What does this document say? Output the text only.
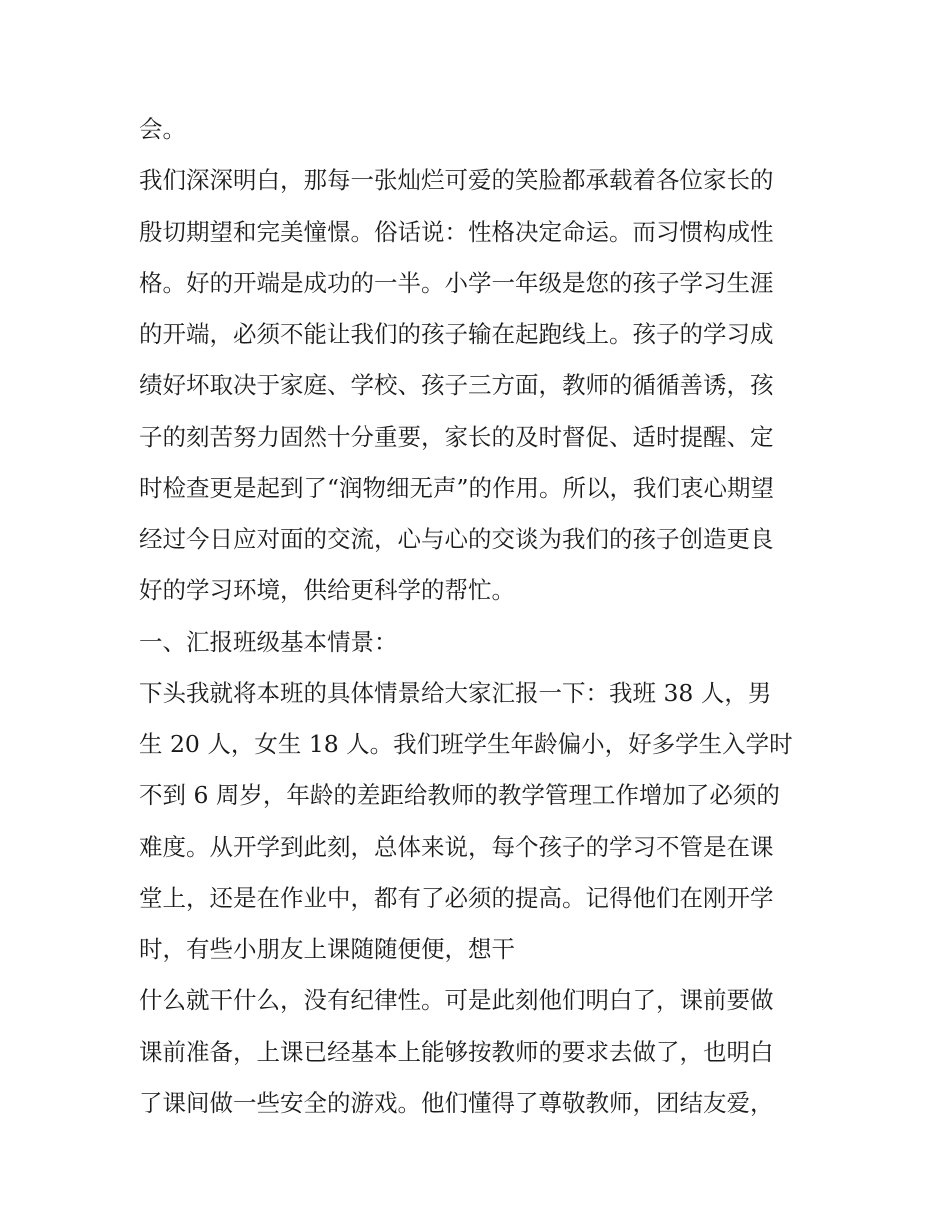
会。
我们深深明白，那每一张灿烂可爱的笑脸都承载着各位家长的
殷切期望和完美憧憬。俗话说：性格决定命运。而习惯构成性
格。好的开端是成功的一半。小学一年级是您的孩子学习生涯
的开端，必须不能让我们的孩子输在起跑线上。孩子的学习成
绩好坏取决于家庭、学校、孩子三方面，教师的循循善诱，孩
子的刻苦努力固然十分重要，家长的及时督促、适时提醒、定
时检查更是起到了“润物细无声”的作用。所以，我们衷心期望
经过今日应对面的交流，心与心的交谈为我们的孩子创造更良
好的学习环境，供给更科学的帮忙。
一、汇报班级基本情景：
下头我就将本班的具体情景给大家汇报一下：我班 38 人，男
生 20 人，女生 18 人。我们班学生年龄偏小，好多学生入学时
不到 6 周岁，年龄的差距给教师的教学管理工作增加了必须的
难度。从开学到此刻，总体来说，每个孩子的学习不管是在课
堂上，还是在作业中，都有了必须的提高。记得他们在刚开学
时，有些小朋友上课随随便便，想干
什么就干什么，没有纪律性。可是此刻他们明白了，课前要做
课前准备，上课已经基本上能够按教师的要求去做了，也明白
了课间做一些安全的游戏。他们懂得了尊敬教师，团结友爱，
